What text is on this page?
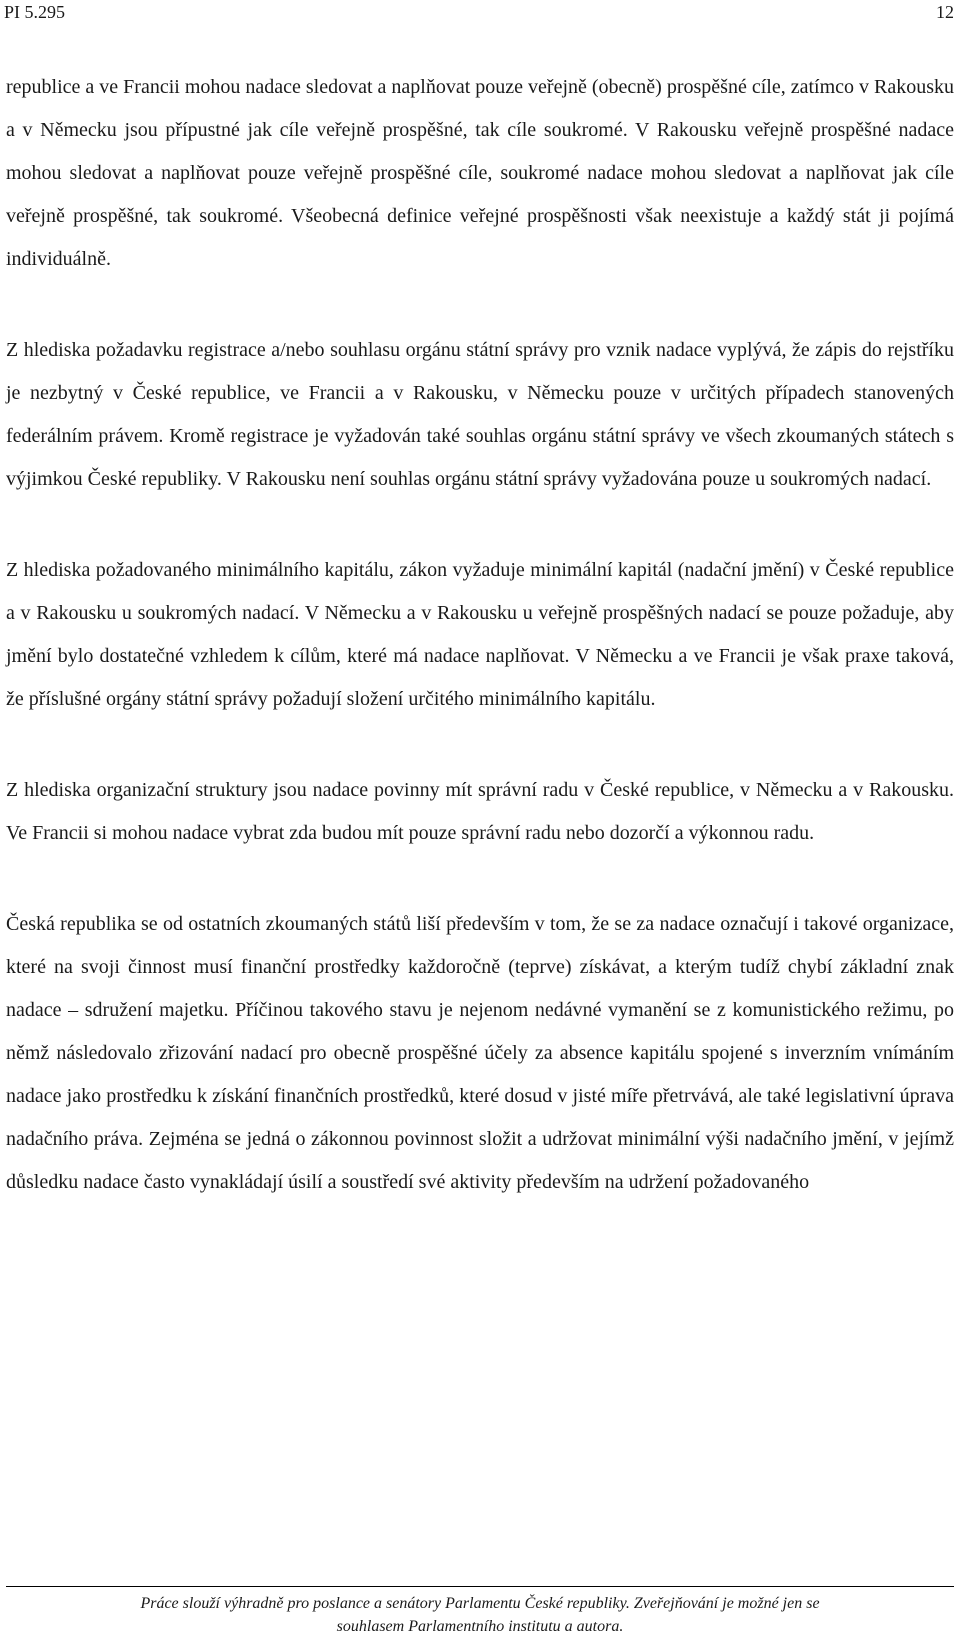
PI 5.295	12

republice a ve Francii mohou nadace sledovat a naplňovat pouze veřejně (obecně) prospěšné cíle, zatímco v Rakousku a v Německu jsou přípustné jak cíle veřejně prospěšné, tak cíle soukromé. V Rakousku veřejně prospěšné nadace mohou sledovat a naplňovat pouze veřejně prospěšné cíle, soukromé nadace mohou sledovat a naplňovat jak cíle veřejně prospěšné, tak soukromé. Všeobecná definice veřejné prospěšnosti však neexistuje a každý stát ji pojímá individuálně.

Z hlediska požadavku registrace a/nebo souhlasu orgánu státní správy pro vznik nadace vyplývá, že zápis do rejstříku je nezbytný v České republice, ve Francii a v Rakousku, v Německu pouze v určitých případech stanovených federálním právem. Kromě registrace je vyžadován také souhlas orgánu státní správy ve všech zkoumaných státech s výjimkou České republiky. V Rakousku není souhlas orgánu státní správy vyžadována pouze u soukromých nadací.

Z hlediska požadovaného minimálního kapitálu, zákon vyžaduje minimální kapitál (nadační jmění) v České republice a v Rakousku u soukromých nadací. V Německu a v Rakousku u veřejně prospěšných nadací se pouze požaduje, aby jmění bylo dostatečné vzhledem k cílům, které má nadace naplňovat. V Německu a ve Francii je však praxe taková, že příslušné orgány státní správy požadují složení určitého minimálního kapitálu.

Z hlediska organizační struktury jsou nadace povinny mít správní radu v České republice, v Německu a v Rakousku. Ve Francii si mohou nadace vybrat zda budou mít pouze správní radu nebo dozorčí a výkonnou radu.

Česká republika se od ostatních zkoumaných států liší především v tom, že se za nadace označují i takové organizace, které na svoji činnost musí finanční prostředky každoročně (teprve) získávat, a kterým tudíž chybí základní znak nadace – sdružení majetku. Příčinou takového stavu je nejenom nedávné vymanění se z komunistického režimu, po němž následovalo zřizování nadací pro obecně prospěšné účely za absence kapitálu spojené s inverzním vnímáním nadace jako prostředku k získání finančních prostředků, které dosud v jisté míře přetrvává, ale také legislativní úprava nadačního práva. Zejména se jedná o zákonnou povinnost složit a udržovat minimální výši nadačního jmění, v jejímž důsledku nadace často vynakládají úsilí a soustředí své aktivity především na udržení požadovaného

Práce slouží výhradně pro poslance a senátory Parlamentu České republiky. Zveřejňování je možné jen se
souhlasem Parlamentního institutu a autora.
